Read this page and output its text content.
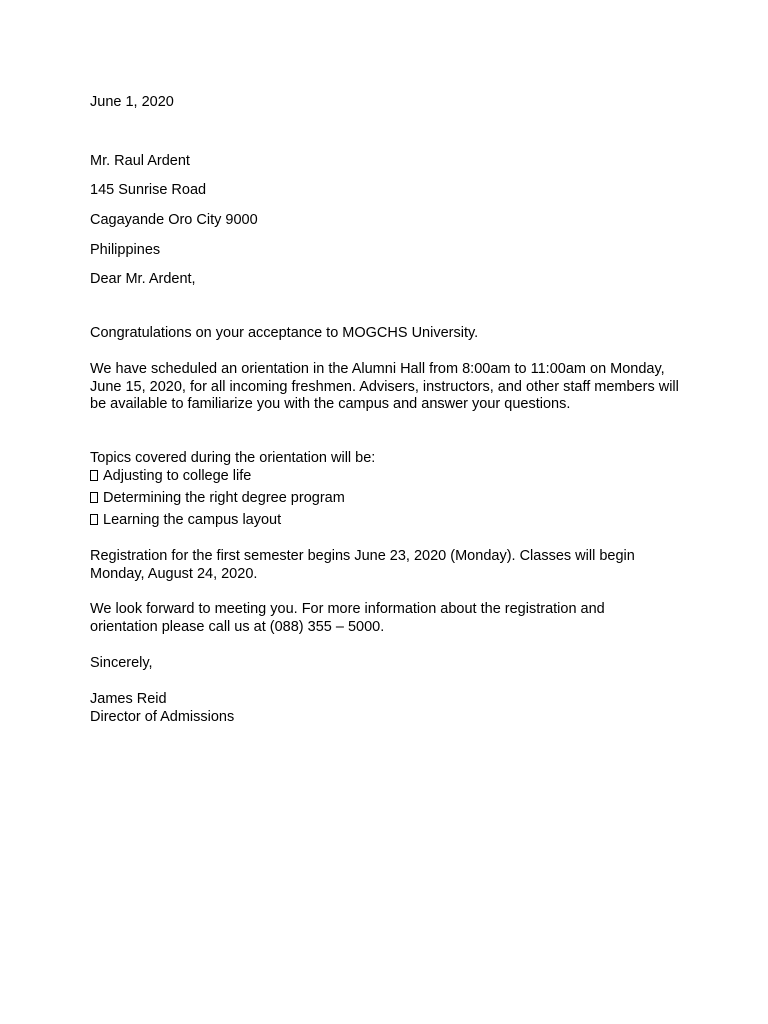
June 1, 2020
Mr. Raul Ardent
145 Sunrise Road
Cagayande Oro City 9000
Philippines
Dear Mr. Ardent,
Congratulations on your acceptance to MOGCHS University.
We have scheduled an orientation in the Alumni Hall from 8:00am to 11:00am on Monday, June 15, 2020, for all incoming freshmen. Advisers, instructors, and other staff members will be available to familiarize you with the campus and answer your questions.
Topics covered during the orientation will be:
Adjusting to college life
Determining the right degree program
Learning the campus layout
Registration for the first semester begins June 23, 2020 (Monday). Classes will begin Monday, August 24, 2020.
We look forward to meeting you. For more information about the registration and orientation please call us at (088) 355 – 5000.
Sincerely,
James Reid
Director of Admissions
